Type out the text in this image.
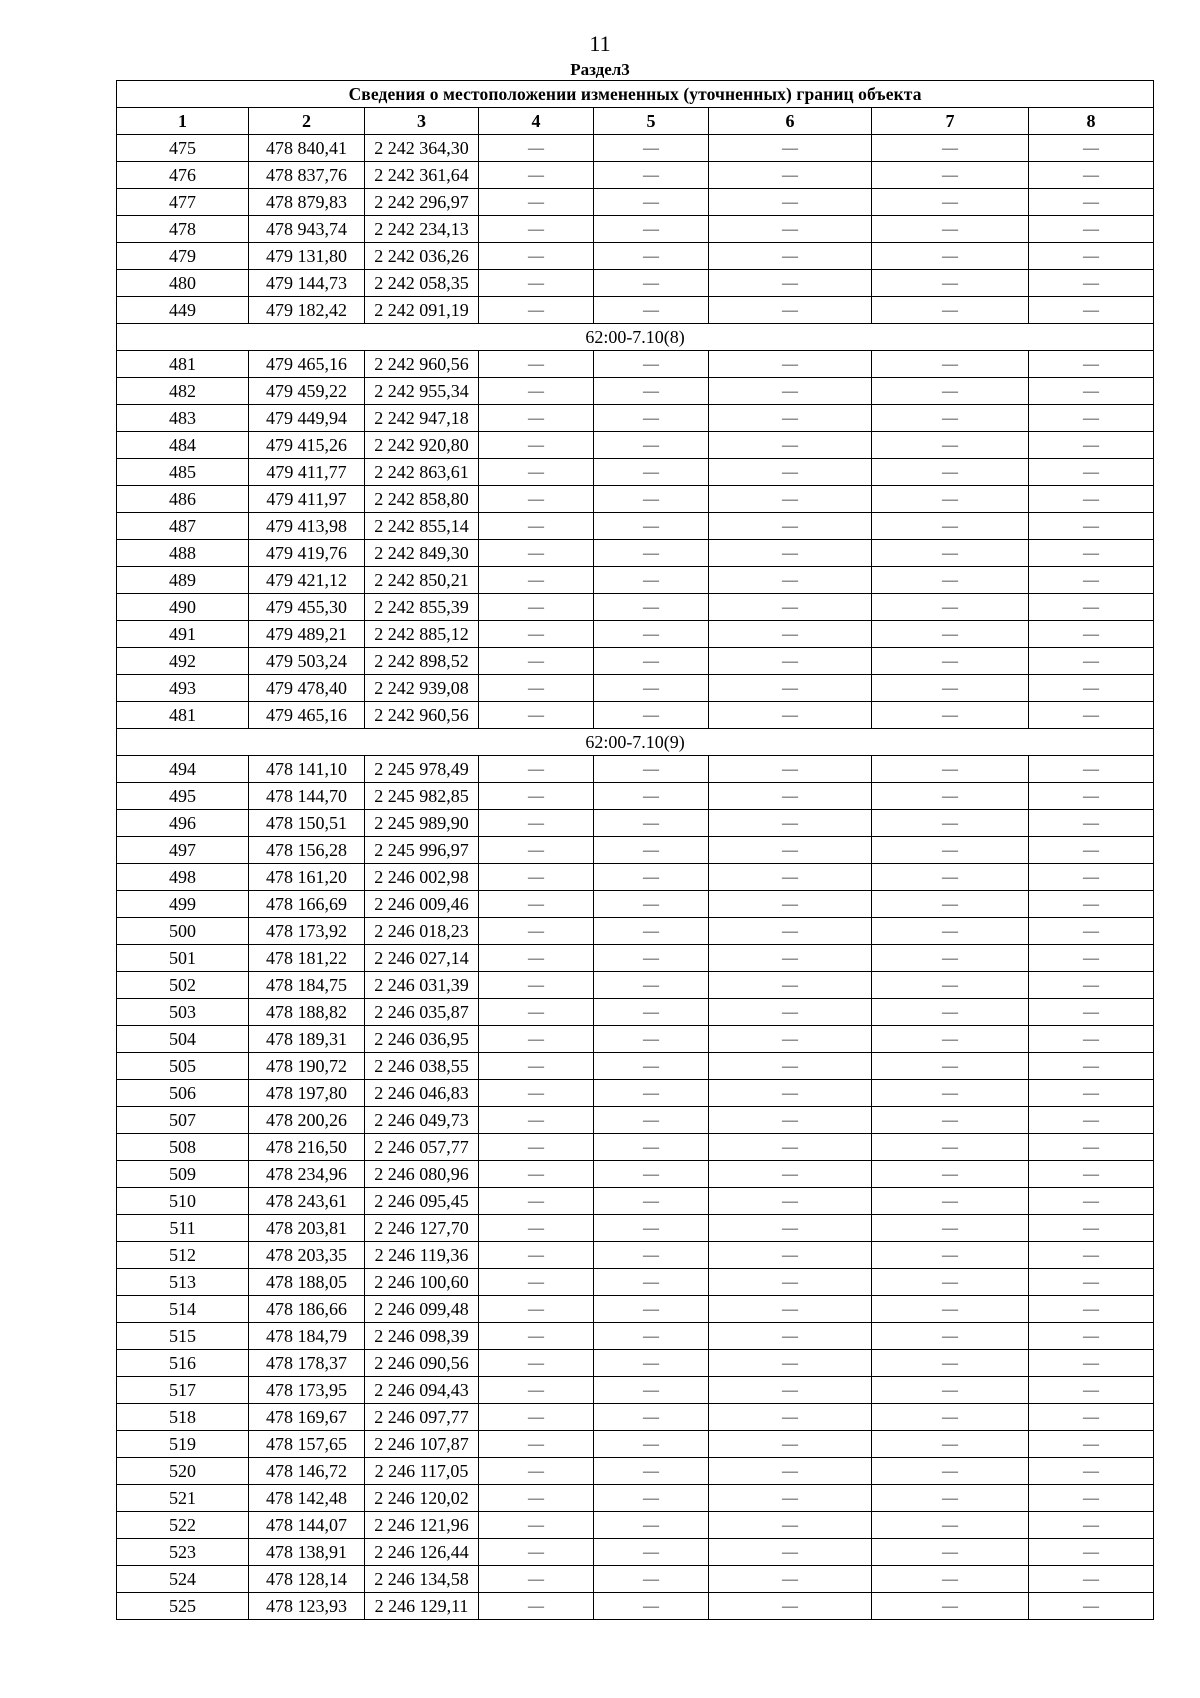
11
Раздел3
Сведения о местоположении измененных (уточненных) границ объекта							
1	2	3	4	5	6	7	8
475	478 840,41	2 242 364,30	—	—	—	—	—
476	478 837,76	2 242 361,64	—	—	—	—	—
477	478 879,83	2 242 296,97	—	—	—	—	—
478	478 943,74	2 242 234,13	—	—	—	—	—
479	479 131,80	2 242 036,26	—	—	—	—	—
480	479 144,73	2 242 058,35	—	—	—	—	—
449	479 182,42	2 242 091,19	—	—	—	—	—
62:00-7.10(8)							
481	479 465,16	2 242 960,56	—	—	—	—	—
482	479 459,22	2 242 955,34	—	—	—	—	—
483	479 449,94	2 242 947,18	—	—	—	—	—
484	479 415,26	2 242 920,80	—	—	—	—	—
485	479 411,77	2 242 863,61	—	—	—	—	—
486	479 411,97	2 242 858,80	—	—	—	—	—
487	479 413,98	2 242 855,14	—	—	—	—	—
488	479 419,76	2 242 849,30	—	—	—	—	—
489	479 421,12	2 242 850,21	—	—	—	—	—
490	479 455,30	2 242 855,39	—	—	—	—	—
491	479 489,21	2 242 885,12	—	—	—	—	—
492	479 503,24	2 242 898,52	—	—	—	—	—
493	479 478,40	2 242 939,08	—	—	—	—	—
481	479 465,16	2 242 960,56	—	—	—	—	—
62:00-7.10(9)							
494	478 141,10	2 245 978,49	—	—	—	—	—
495	478 144,70	2 245 982,85	—	—	—	—	—
496	478 150,51	2 245 989,90	—	—	—	—	—
497	478 156,28	2 245 996,97	—	—	—	—	—
498	478 161,20	2 246 002,98	—	—	—	—	—
499	478 166,69	2 246 009,46	—	—	—	—	—
500	478 173,92	2 246 018,23	—	—	—	—	—
501	478 181,22	2 246 027,14	—	—	—	—	—
502	478 184,75	2 246 031,39	—	—	—	—	—
503	478 188,82	2 246 035,87	—	—	—	—	—
504	478 189,31	2 246 036,95	—	—	—	—	—
505	478 190,72	2 246 038,55	—	—	—	—	—
506	478 197,80	2 246 046,83	—	—	—	—	—
507	478 200,26	2 246 049,73	—	—	—	—	—
508	478 216,50	2 246 057,77	—	—	—	—	—
509	478 234,96	2 246 080,96	—	—	—	—	—
510	478 243,61	2 246 095,45	—	—	—	—	—
511	478 203,81	2 246 127,70	—	—	—	—	—
512	478 203,35	2 246 119,36	—	—	—	—	—
513	478 188,05	2 246 100,60	—	—	—	—	—
514	478 186,66	2 246 099,48	—	—	—	—	—
515	478 184,79	2 246 098,39	—	—	—	—	—
516	478 178,37	2 246 090,56	—	—	—	—	—
517	478 173,95	2 246 094,43	—	—	—	—	—
518	478 169,67	2 246 097,77	—	—	—	—	—
519	478 157,65	2 246 107,87	—	—	—	—	—
520	478 146,72	2 246 117,05	—	—	—	—	—
521	478 142,48	2 246 120,02	—	—	—	—	—
522	478 144,07	2 246 121,96	—	—	—	—	—
523	478 138,91	2 246 126,44	—	—	—	—	—
524	478 128,14	2 246 134,58	—	—	—	—	—
525	478 123,93	2 246 129,11	—	—	—	—	—
